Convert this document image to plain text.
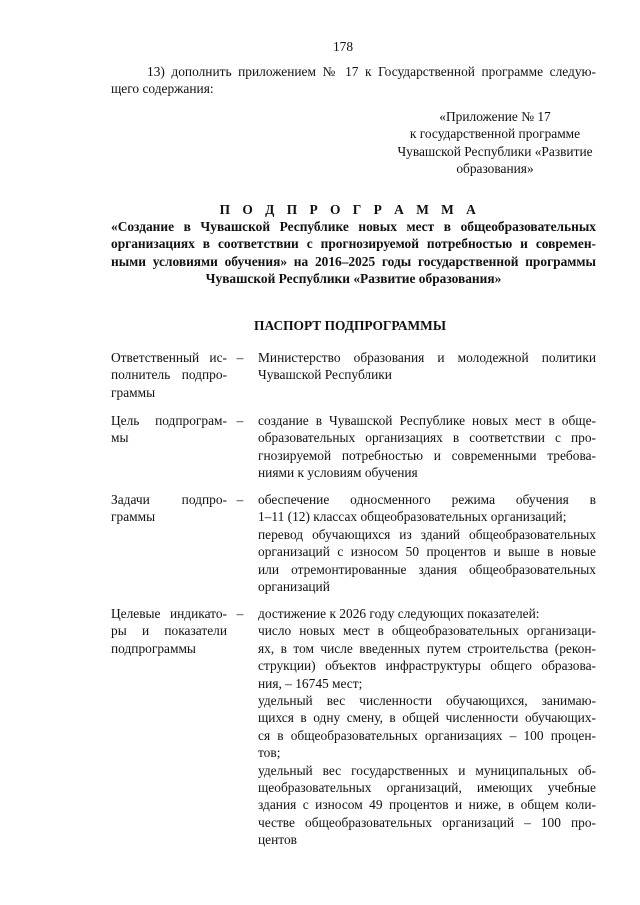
178
13) дополнить приложением № 17 к Государственной программе следую-
щего содержания:
«Приложение № 17
к государственной программе
Чувашской Республики «Развитие
образования»
П О Д П Р О Г Р А М М А
«Создание в Чувашской Республике новых мест в общеобразовательных
организациях в соответствии с прогнозируемой потребностью и современ-
ными условиями обучения» на 2016–2025 годы государственной программы
Чувашской Республики «Развитие образования»
ПАСПОРТ ПОДПРОГРАММЫ
Ответственный ис-
полнитель подпро-
граммы
– Министерство образования и молодежной политики
Чувашской Республики
Цель подпрограм-
мы
– создание в Чувашской Республике новых мест в обще-
образовательных организациях в соответствии с про-
гнозируемой потребностью и современными требова-
ниями к условиям обучения
Задачи подпро-
граммы
– обеспечение односменного режима обучения в
1–11 (12) классах общеобразовательных организаций;
перевод обучающихся из зданий общеобразовательных
организаций с износом 50 процентов и выше в новые
или отремонтированные здания общеобразовательных
организаций
Целевые индикато-
ры и показатели
подпрограммы
– достижение к 2026 году следующих показателей:
число новых мест в общеобразовательных организаци-
ях, в том числе введенных путем строительства (рекон-
струкции) объектов инфраструктуры общего образова-
ния, – 16745 мест;
удельный вес численности обучающихся, занимаю-
щихся в одну смену, в общей численности обучающих-
ся в общеобразовательных организациях – 100 процен-
тов;
удельный вес государственных и муниципальных об-
щеобразовательных организаций, имеющих учебные
здания с износом 49 процентов и ниже, в общем коли-
честве общеобразовательных организаций – 100 про-
центов
